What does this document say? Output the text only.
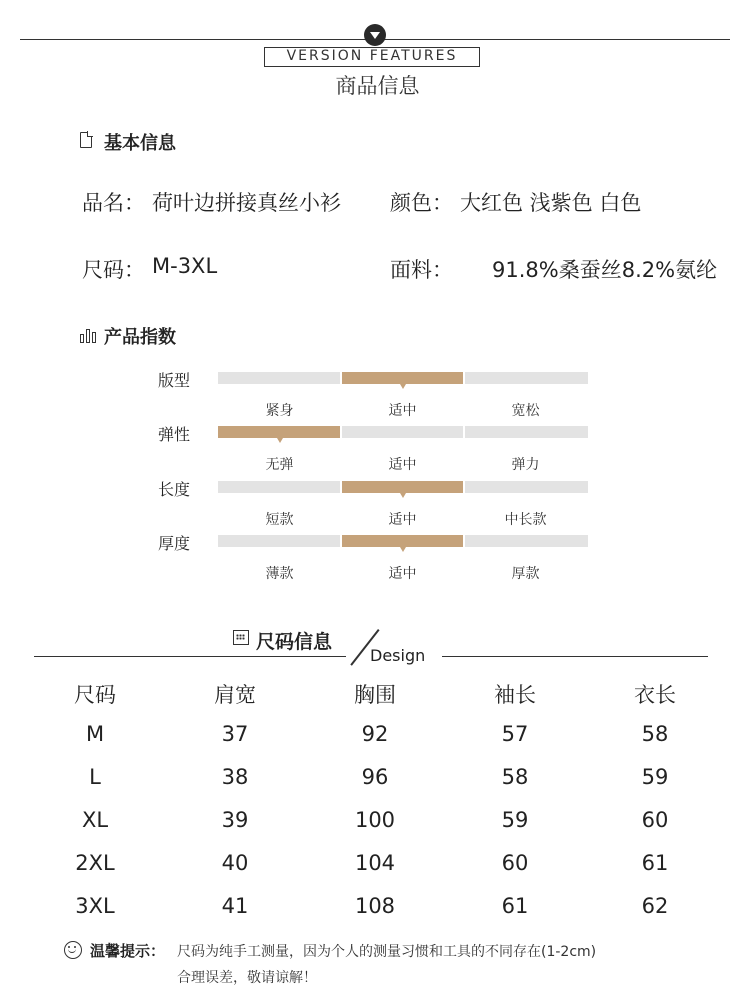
VERSION FEATURES
商品信息
基本信息
品名： 荷叶边拼接真丝小衫 颜色： 大红色 浅紫色 白色
尺码： M-3XL	面料： 91.8%桑蚕丝8.2%氨纶
产品指数
版型
紧身	适中	宽松
弹性
无弹	适中	弹力
长度
短款	适中	中长款
厚度
薄款	适中	厚款
尺码信息
Design
尺码	肩宽	胸围	袖长	衣长
M	37	92	57	58
L	38	96	58	59
XL	39	100	59	60
2XL	40	104	60	61
3XL	41	108	61	62
温馨提示： 尺码为纯手工测量，因为个人的测量习惯和工具的不同存在(1-2cm)
合理误差，敬请谅解！
